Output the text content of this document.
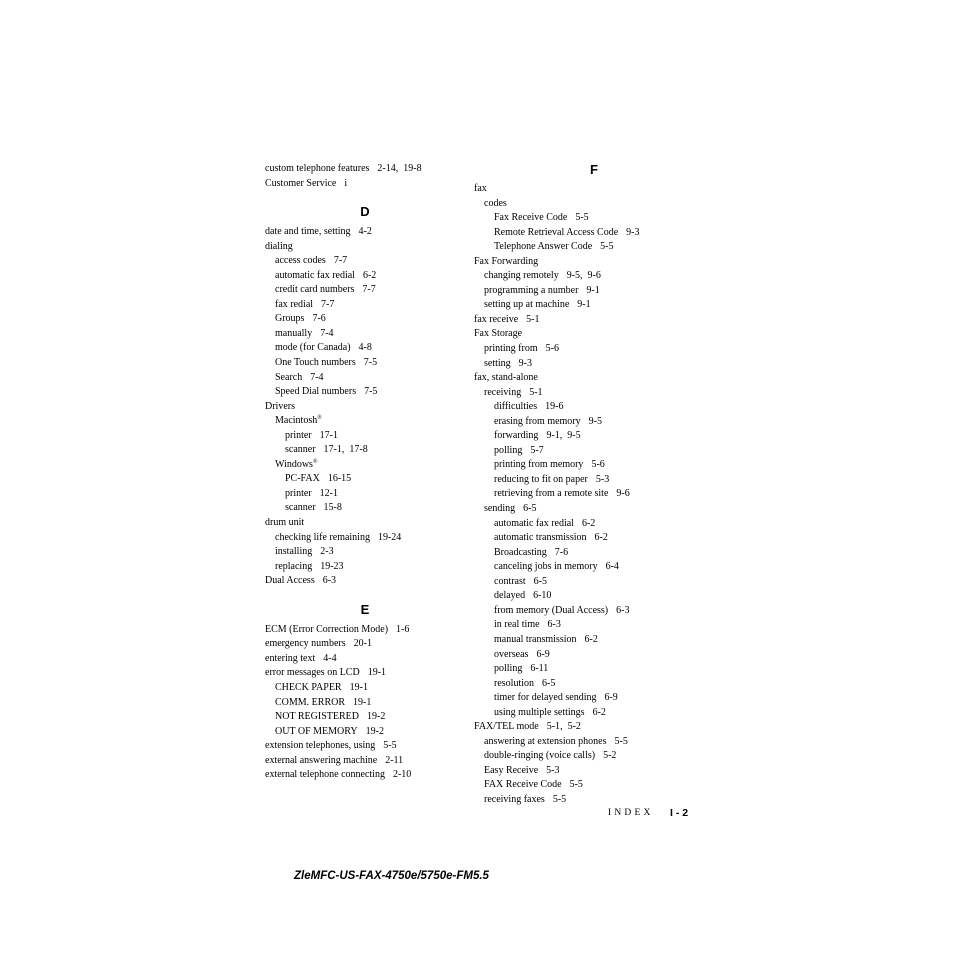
custom telephone features 2-14, 19-8
Customer Service i
D
date and time, setting 4-2
dialing
access codes 7-7
automatic fax redial 6-2
credit card numbers 7-7
fax redial 7-7
Groups 7-6
manually 7-4
mode (for Canada) 4-8
One Touch numbers 7-5
Search 7-4
Speed Dial numbers 7-5
Drivers
Macintosh®
printer 17-1
scanner 17-1, 17-8
Windows®
PC-FAX 16-15
printer 12-1
scanner 15-8
drum unit
checking life remaining 19-24
installing 2-3
replacing 19-23
Dual Access 6-3
E
ECM (Error Correction Mode) 1-6
emergency numbers 20-1
entering text 4-4
error messages on LCD 19-1
CHECK PAPER 19-1
COMM. ERROR 19-1
NOT REGISTERED 19-2
OUT OF MEMORY 19-2
extension telephones, using 5-5
external answering machine 2-11
external telephone connecting 2-10
F
fax
codes
Fax Receive Code 5-5
Remote Retrieval Access Code 9-3
Telephone Answer Code 5-5
Fax Forwarding
changing remotely 9-5, 9-6
programming a number 9-1
setting up at machine 9-1
fax receive 5-1
Fax Storage
printing from 5-6
setting 9-3
fax, stand-alone
receiving 5-1
difficulties 19-6
erasing from memory 9-5
forwarding 9-1, 9-5
polling 5-7
printing from memory 5-6
reducing to fit on paper 5-3
retrieving from a remote site 9-6
sending 6-5
automatic fax redial 6-2
automatic transmission 6-2
Broadcasting 7-6
canceling jobs in memory 6-4
contrast 6-5
delayed 6-10
from memory (Dual Access) 6-3
in real time 6-3
manual transmission 6-2
overseas 6-9
polling 6-11
resolution 6-5
timer for delayed sending 6-9
using multiple settings 6-2
FAX/TEL mode 5-1, 5-2
answering at extension phones 5-5
double-ringing (voice calls) 5-2
Easy Receive 5-3
FAX Receive Code 5-5
receiving faxes 5-5
INDEX I - 2
ZleMFC-US-FAX-4750e/5750e-FM5.5
